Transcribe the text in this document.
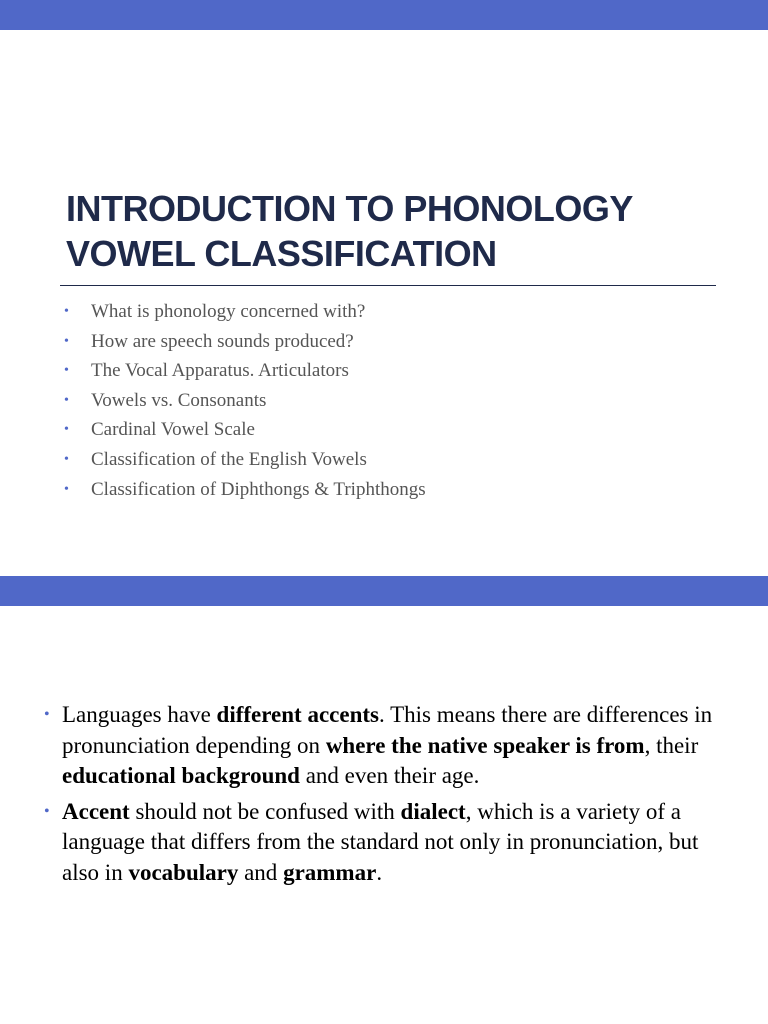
INTRODUCTION TO PHONOLOGY
VOWEL CLASSIFICATION
• What is phonology concerned with?
• How are speech sounds produced?
• The Vocal Apparatus. Articulators
• Vowels vs. Consonants
• Cardinal Vowel Scale
• Classification of the English Vowels
• Classification of Diphthongs & Triphthongs
• Languages have different accents. This means there are differences in pronunciation depending on where the native speaker is from, their educational background and even their age.
• Accent should not be confused with dialect, which is a variety of a language that differs from the standard not only in pronunciation, but also in vocabulary and grammar.
